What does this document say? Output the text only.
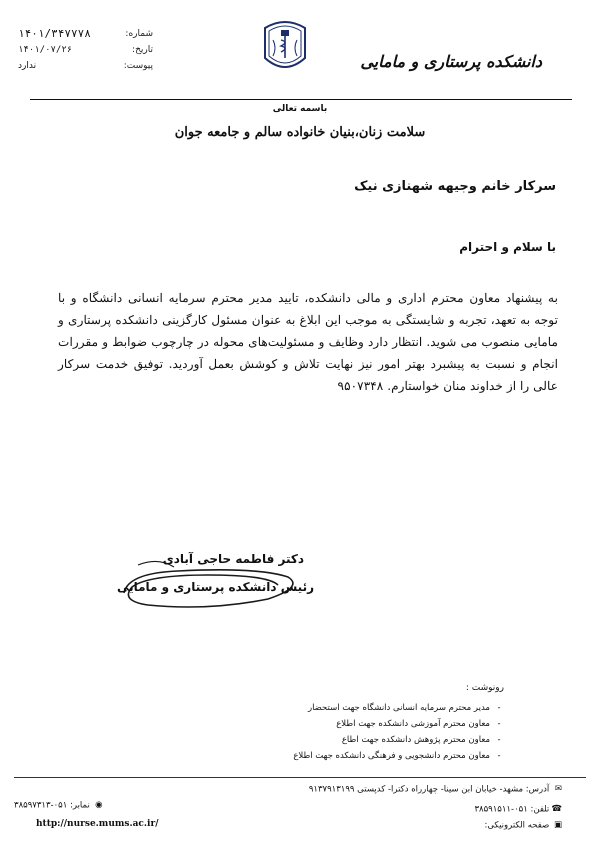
شماره:
۱۴۰۱/۳۴۷۷۷۸
تاریخ:
۱۴۰۱/۰۷/۲۶
پیوست:
ندارد	دانشکده پرستاری و مامایی
باسمه تعالی
سلامت زنان،بنیان خانواده سالم و جامعه جوان
سرکار خانم وجیهه شهنازی نیک
با سلام و احترام
به پیشنهاد معاون محترم اداری و مالی دانشکده، تایید مدیر محترم سرمایه انسانی دانشگاه و با توجه به تعهد، تجربه و شایستگی به موجب این ابلاغ به عنوان مسئول کارگزینی دانشکده پرستاری و مامایی منصوب می شوید. انتظار دارد وظایف و مسئولیت‌های محوله در چارچوب ضوابط و مقررات انجام و نسبت به پیشبرد بهتر امور نیز نهایت تلاش و کوشش بعمل آوردید. توفیق خدمت سرکار عالی را از خداوند منان خواستارم. ۹۵۰۷۳۴۸
دکتر فاطمه حاجی آبادی
رئیس دانشکده پرستاری و مامایی
رونوشت :
-
مدیر محترم سرمایه انسانی دانشگاه جهت استحضار
-
معاون محترم آموزشی دانشکده جهت اطلاع
-
معاون محترم پژوهش دانشکده جهت اطاع
-
معاون محترم دانشجویی و فرهنگی دانشکده جهت اطلاع
✉ آدرس: مشهد- خیابان ابن سینا- چهارراه دکترا- کدپستی ۹۱۳۷۹۱۳۱۹۹
☎ تلفن: ۰۵۱-۳۸۵۹۱۵۱۱
▣ صفحه الکترونیکی:
◉ نمابر: ۰۵۱-۳۸۵۹۷۳۱۳
http://nurse.mums.ac.ir/
